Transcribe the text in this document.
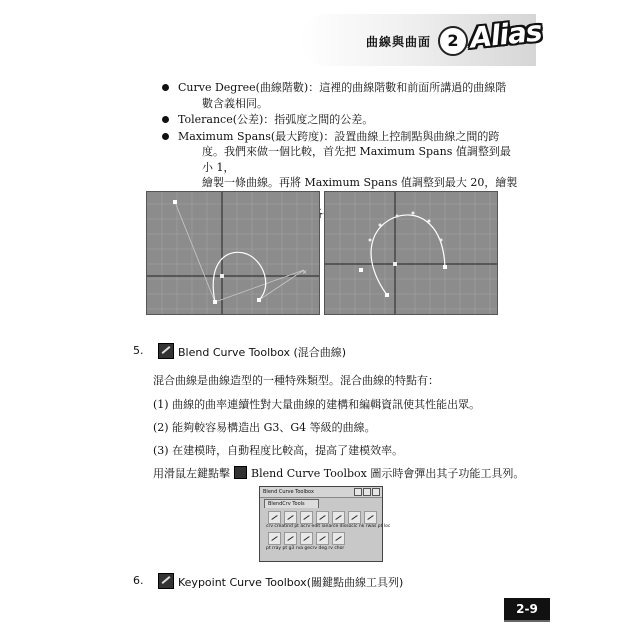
曲線與曲面	2 Alias
Curve Degree(曲線階數)：這裡的曲線階數和前面所講過的曲線階
數含義相同。
Tolerance(公差)：指弧度之間的公差。
Maximum Spans(最大跨度)：設置曲線上控制點與曲線之間的跨
度。我們來做一個比較，首先把 Maximum Spans 值調整到最小 1，
繪製一條曲線。再將 Maximum Spans 值調整到最大 20，繪製
×
5.	Blend Curve Toolbox (混合曲線)
混合曲線是曲線造型的一種特殊類型。混合曲線的特點有：
(1) 曲線的曲率連續性對大量曲線的建構和編輯資訊使其性能出眾。
(2) 能夠較容易構造出 G3、G4 等級的曲線。
(3) 在建模時，自動程度比較高，提高了建模效率。
用滑鼠左鍵點擊 Blend Curve Toolbox 圖示時會彈出其子功能工具列。
Blend Curve Toolbox
BlendCrv Tools
crv creatind pt acrv edit ianarce dissocic nk rwas pt loc
pt rray pt g3 rva gecrv deg rv chor
6.	Keypoint Curve Toolbox(關鍵點曲線工具列)
2-9
